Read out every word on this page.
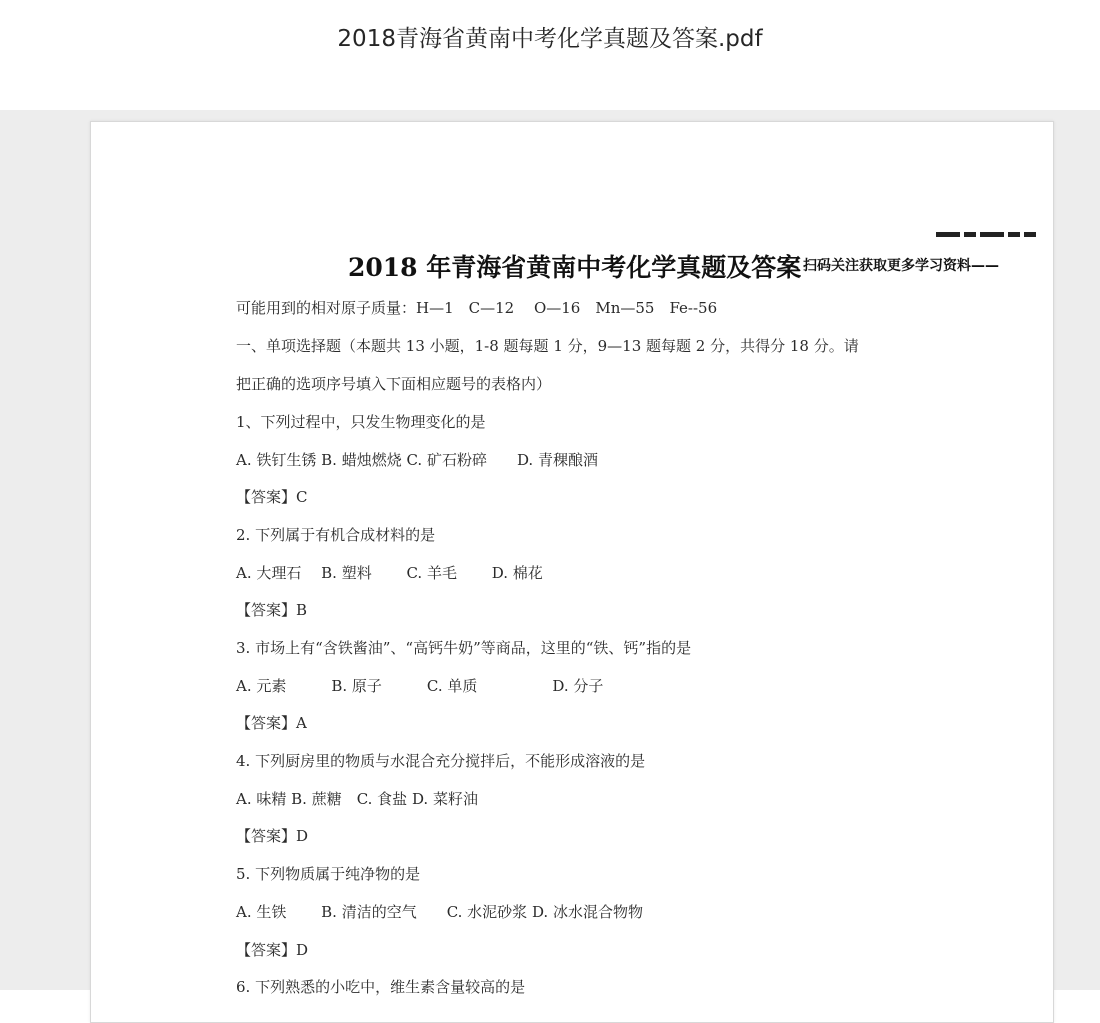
2018青海省黄南中考化学真题及答案.pdf
2018 年青海省黄南中考化学真题及答案 扫码关注获取更多学习资料——
可能用到的相对原子质量：H—1　C—12　 O—16　Mn—55　Fe--56
一、单项选择题（本题共 13 小题，1-8 题每题 1 分，9—13 题每题 2 分，共得分 18 分。请
把正确的选项序号填入下面相应题号的表格内）
1、下列过程中，只发生物理变化的是
A. 铁钉生锈 B. 蜡烛燃烧 C. 矿石粉碎　　D. 青稞酿酒
【答案】C
2. 下列属于有机合成材料的是
A. 大理石　 B. 塑料　　 C. 羊毛　　 D. 棉花
【答案】B
3. 市场上有“含铁酱油”、“高钙牛奶”等商品，这里的“铁、钙”指的是
A. 元素　　　B. 原子　　　C. 单质　　　　　D. 分子
【答案】A
4. 下列厨房里的物质与水混合充分搅拌后，不能形成溶液的是
A. 味精 B. 蔗糖　C. 食盐 D. 菜籽油
【答案】D
5. 下列物质属于纯净物的是
A. 生铁　　 B. 清洁的空气　　C. 水泥砂浆 D. 冰水混合物物
【答案】D
6. 下列熟悉的小吃中，维生素含量较高的是
